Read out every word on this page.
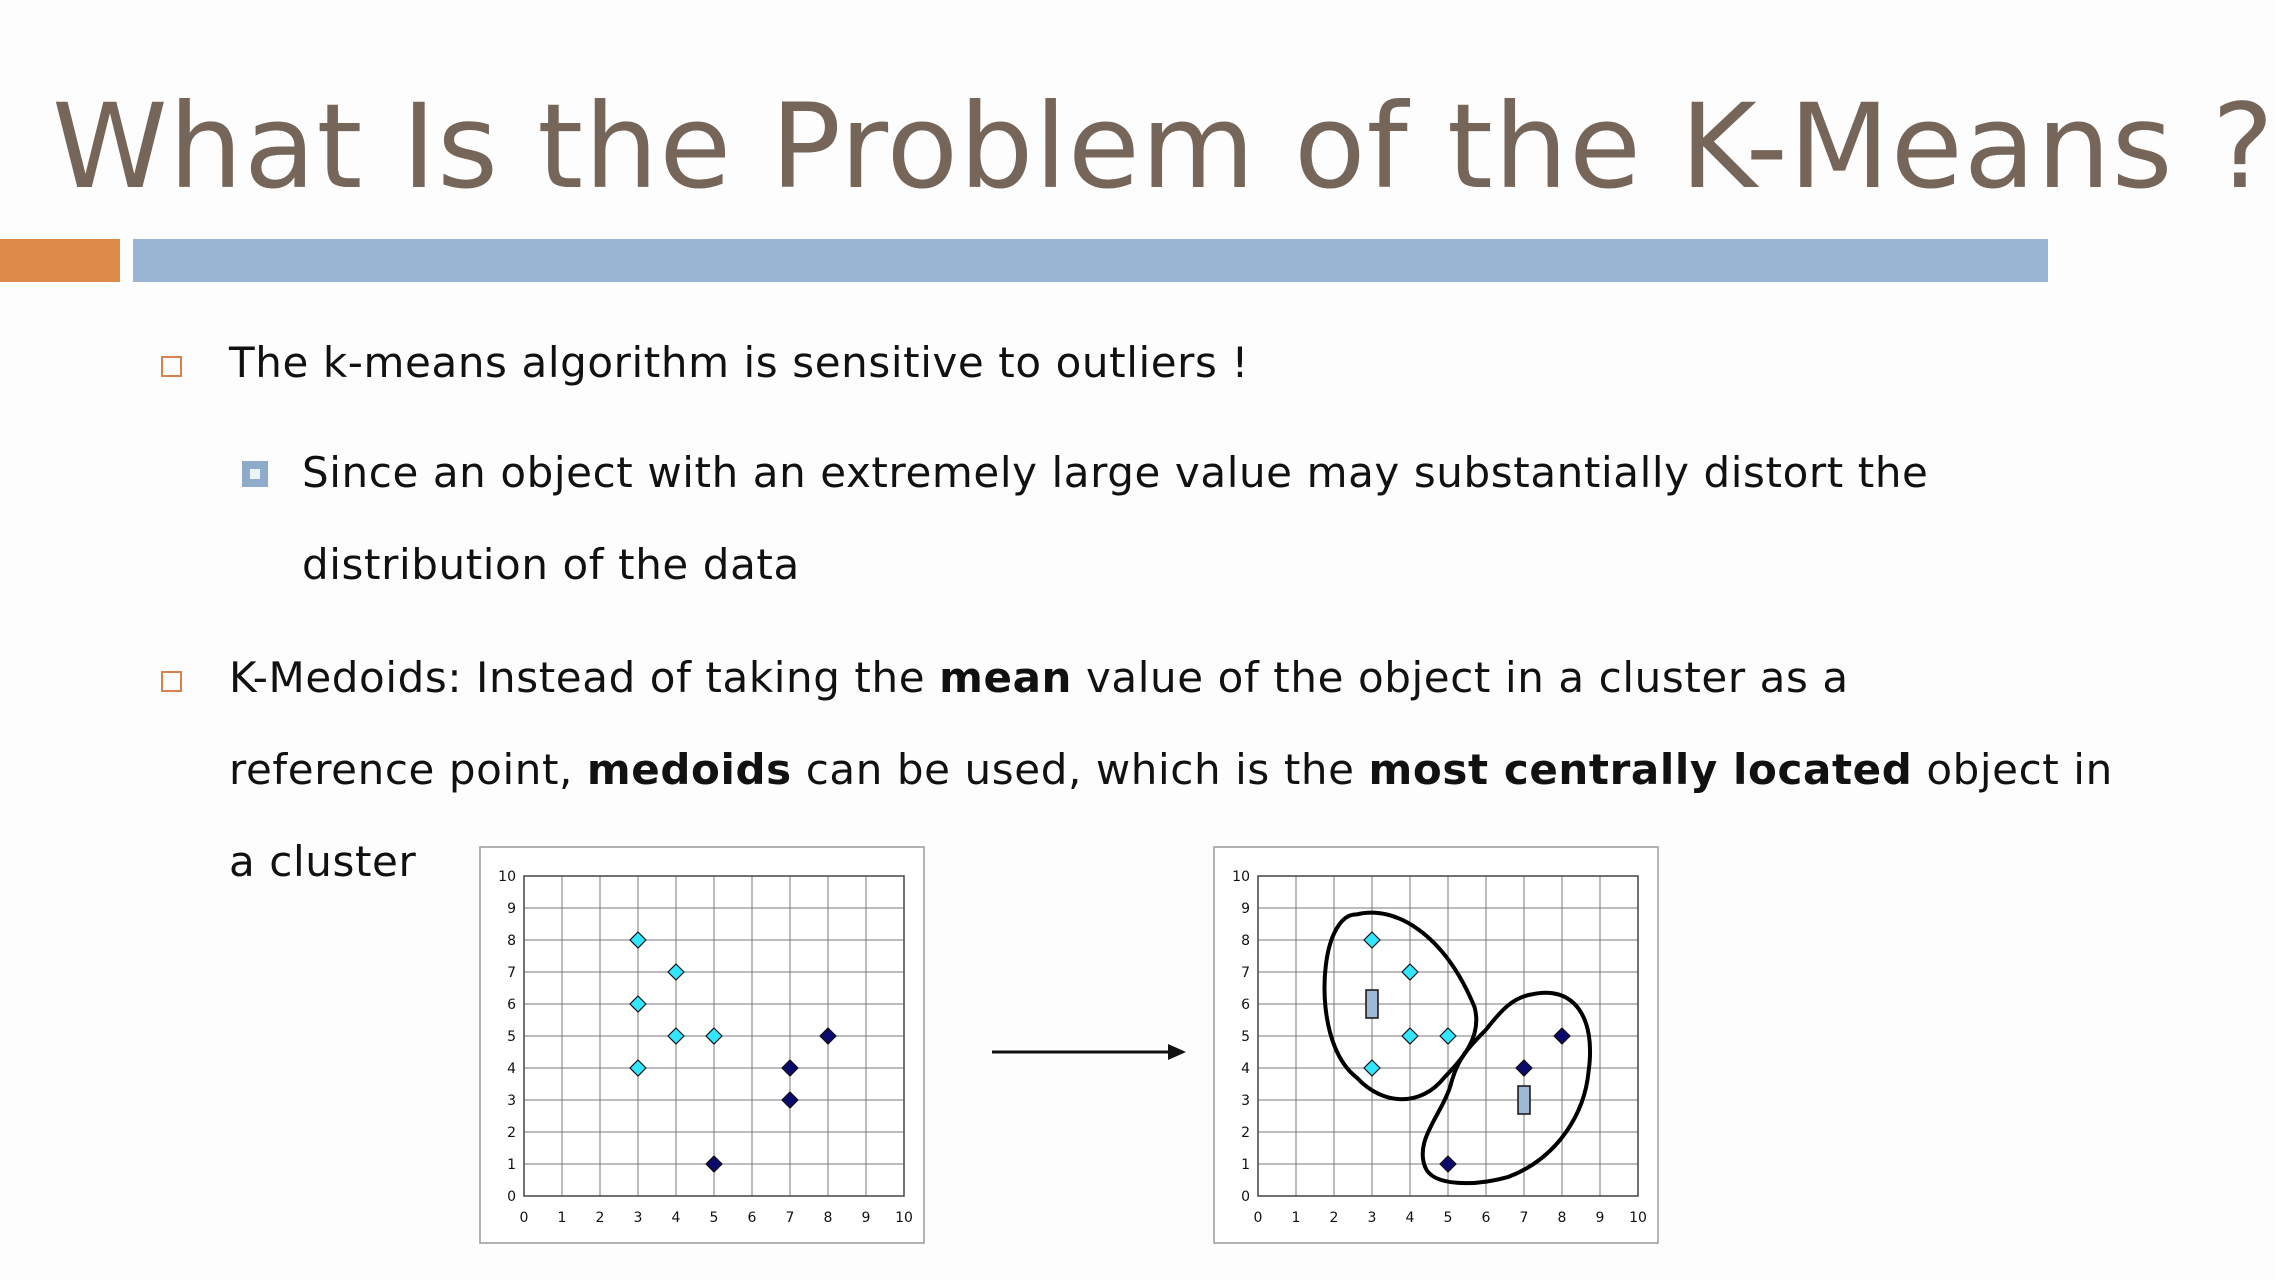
What Is the Problem of the K-Means ?
The k-means algorithm is sensitive to outliers !
Since an object with an extremely large value may substantially distort the
distribution of the data
K-Medoids: Instead of taking the mean value of the object in a cluster as a
reference point, medoids can be used, which is the most centrally located object in
a cluster
0 1 2 3 4 5 6 7 8 9 10
0
1
2
3
4
5
6
7
8
9
10
0 1 2 3 4 5 6 7 8 9 10
0
1
2
3
4
5
6
7
8
9
10
